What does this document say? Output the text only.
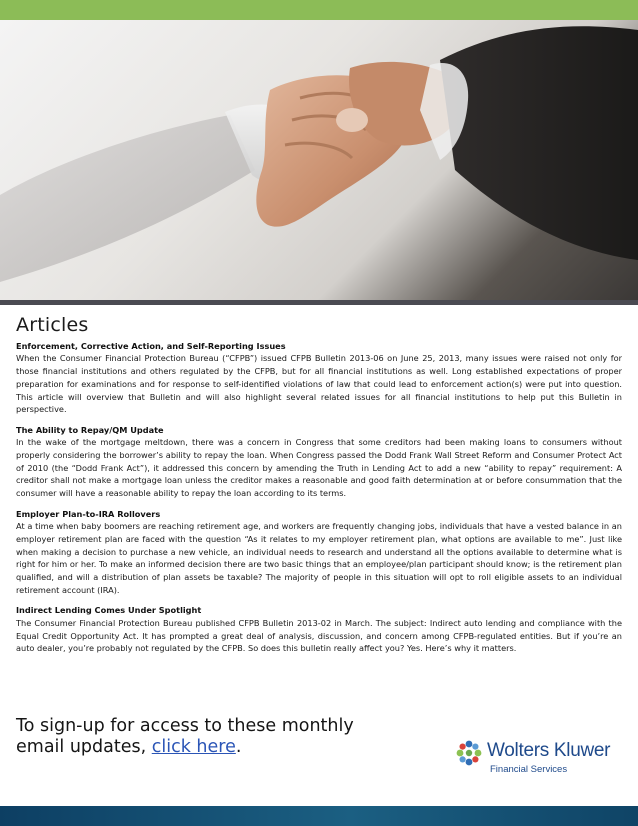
Articles
Enforcement, Corrective Action, and Self-Reporting Issues

When the Consumer Financial Protection Bureau (“CFPB”) issued CFPB Bulletin 2013-06 on June 25, 2013, many issues were raised not only for those financial institutions and others regulated by the CFPB, but for all financial institutions as well. Long established expectations of proper preparation for examinations and for response to self-identified violations of law that could lead to enforcement action(s) were put into question. This article will overview that Bulletin and will also highlight several related issues for all financial institutions to help put this Bulletin in perspective.

The Ability to Repay/QM Update

In the wake of the mortgage meltdown, there was a concern in Congress that some creditors had been making loans to consumers without properly considering the borrower’s ability to repay the loan. When Congress passed the Dodd Frank Wall Street Reform and Consumer Protect Act of 2010 (the “Dodd Frank Act”), it addressed this concern by amending the Truth in Lending Act to add a new “ability to repay” requirement: A creditor shall not make a mortgage loan unless the creditor makes a reasonable and good faith determination at or before consummation that the consumer will have a reasonable ability to repay the loan according to its terms.

Employer Plan-to-IRA Rollovers

At a time when baby boomers are reaching retirement age, and workers are frequently changing jobs, individuals that have a vested balance in an employer retirement plan are faced with the question “As it relates to my employer retirement plan, what options are available to me”. Just like when making a decision to purchase a new vehicle, an individual needs to research and understand all the options available to determine what is right for him or her. To make an informed decision there are two basic things that an employee/plan participant should know; is the retirement plan qualified, and will a distribution of plan assets be taxable? The majority of people in this situation will opt to roll eligible assets to an individual retirement account (IRA).

Indirect Lending Comes Under Spotlight

The Consumer Financial Protection Bureau published CFPB Bulletin 2013-02 in March. The subject: Indirect auto lending and compliance with the Equal Credit Opportunity Act. It has prompted a great deal of analysis, discussion, and concern among CFPB-regulated entities. But if you’re an auto dealer, you’re probably not regulated by the CFPB. So does this bulletin really affect you? Yes. Here’s why it matters.

To sign-up for access to these monthly
email updates, click here.	Wolters Kluwer
Financial Services
